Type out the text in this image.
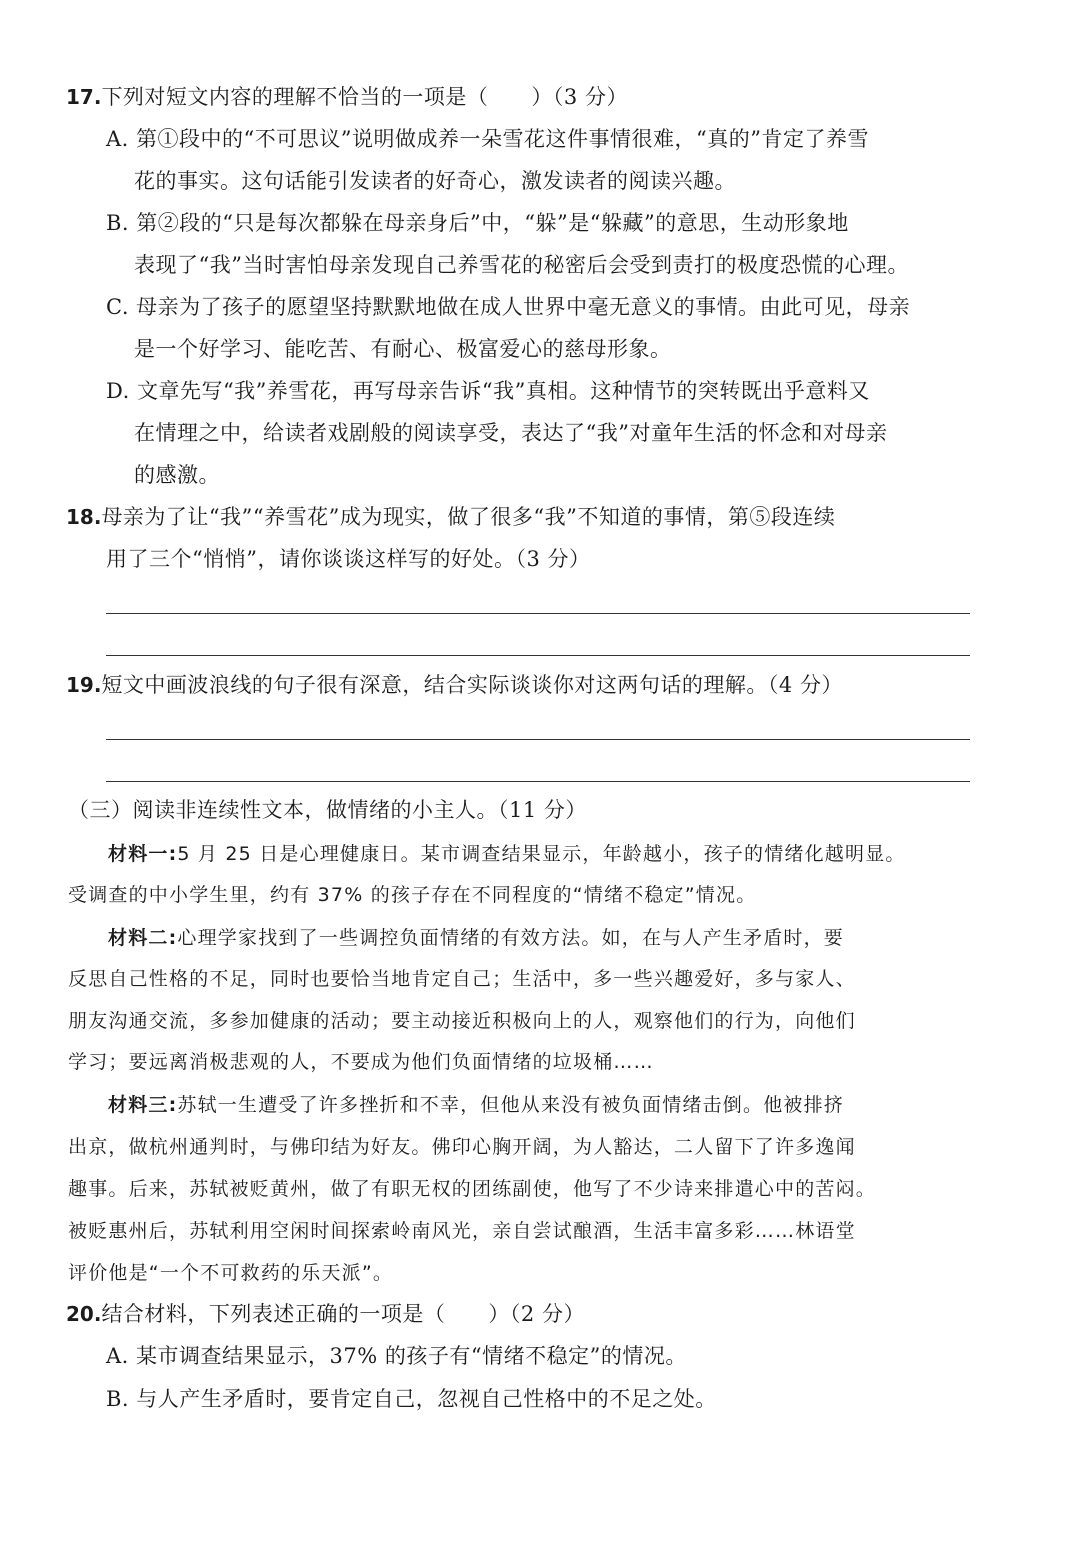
17.下列对短文内容的理解不恰当的一项是（　　）（3 分）
A. 第①段中的“不可思议”说明做成养一朵雪花这件事情很难，“真的”肯定了养雪
花的事实。这句话能引发读者的好奇心，激发读者的阅读兴趣。
B. 第②段的“只是每次都躲在母亲身后”中，“躲”是“躲藏”的意思，生动形象地
表现了“我”当时害怕母亲发现自己养雪花的秘密后会受到责打的极度恐慌的心理。
C. 母亲为了孩子的愿望坚持默默地做在成人世界中毫无意义的事情。由此可见，母亲
是一个好学习、能吃苦、有耐心、极富爱心的慈母形象。
D. 文章先写“我”养雪花，再写母亲告诉“我”真相。这种情节的突转既出乎意料又
在情理之中，给读者戏剧般的阅读享受，表达了“我”对童年生活的怀念和对母亲
的感激。
18.母亲为了让“我”“养雪花”成为现实，做了很多“我”不知道的事情，第⑤段连续
用了三个“悄悄”，请你谈谈这样写的好处。（3 分）
19.短文中画波浪线的句子很有深意，结合实际谈谈你对这两句话的理解。（4 分）
（三）阅读非连续性文本，做情绪的小主人。（11 分）
材料一:5 月 25 日是心理健康日。某市调查结果显示，年龄越小，孩子的情绪化越明显。
受调查的中小学生里，约有 37% 的孩子存在不同程度的“情绪不稳定”情况。
材料二:心理学家找到了一些调控负面情绪的有效方法。如，在与人产生矛盾时，要
反思自己性格的不足，同时也要恰当地肯定自己；生活中，多一些兴趣爱好，多与家人、
朋友沟通交流，多参加健康的活动；要主动接近积极向上的人，观察他们的行为，向他们
学习；要远离消极悲观的人，不要成为他们负面情绪的垃圾桶……
材料三:苏轼一生遭受了许多挫折和不幸，但他从来没有被负面情绪击倒。他被排挤
出京，做杭州通判时，与佛印结为好友。佛印心胸开阔，为人豁达，二人留下了许多逸闻
趣事。后来，苏轼被贬黄州，做了有职无权的团练副使，他写了不少诗来排遣心中的苦闷。
被贬惠州后，苏轼利用空闲时间探索岭南风光，亲自尝试酿酒，生活丰富多彩……林语堂
评价他是“一个不可救药的乐天派”。
20.结合材料，下列表述正确的一项是（　　）（2 分）
A. 某市调查结果显示，37% 的孩子有“情绪不稳定”的情况。
B. 与人产生矛盾时，要肯定自己，忽视自己性格中的不足之处。
